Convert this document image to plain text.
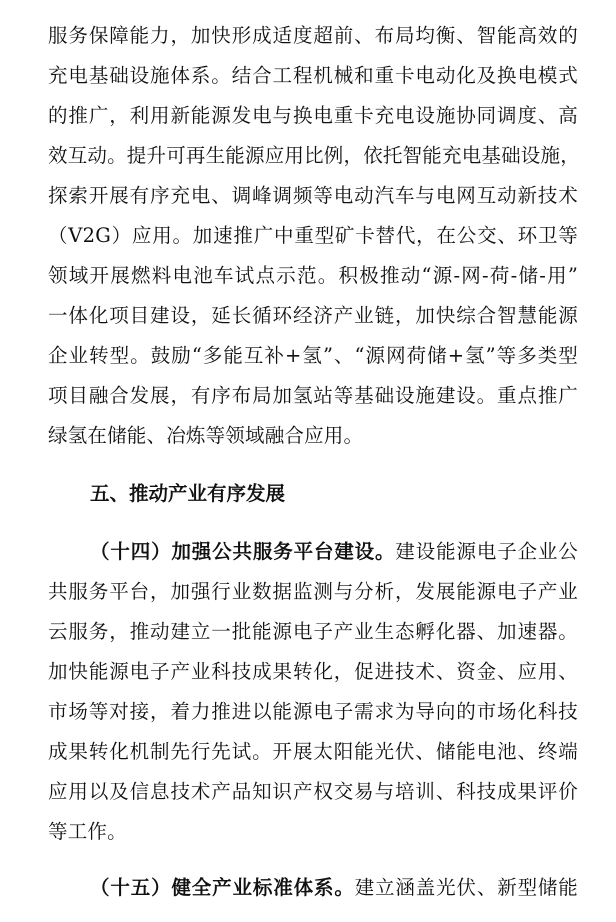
服务保障能力，加快形成适度超前、布局均衡、智能高效的
充电基础设施体系。结合工程机械和重卡电动化及换电模式
的推广，利用新能源发电与换电重卡充电设施协同调度、高
效互动。提升可再生能源应用比例，依托智能充电基础设施，
探索开展有序充电、调峰调频等电动汽车与电网互动新技术
（V2G）应用。加速推广中重型矿卡替代，在公交、环卫等
领域开展燃料电池车试点示范。积极推动“源-网-荷-储-用”
一体化项目建设，延长循环经济产业链，加快综合智慧能源
企业转型。鼓励“多能互补+氢”、“源网荷储+氢”等多类型
项目融合发展，有序布局加氢站等基础设施建设。重点推广
绿氢在储能、冶炼等领域融合应用。
五、推动产业有序发展
（十四）加强公共服务平台建设。建设能源电子企业公
共服务平台，加强行业数据监测与分析，发展能源电子产业
云服务，推动建立一批能源电子产业生态孵化器、加速器。
加快能源电子产业科技成果转化，促进技术、资金、应用、
市场等对接，着力推进以能源电子需求为导向的市场化科技
成果转化机制先行先试。开展太阳能光伏、储能电池、终端
应用以及信息技术产品知识产权交易与培训、科技成果评价
等工作。
（十五）健全产业标准体系。建立涵盖光伏、新型储能
